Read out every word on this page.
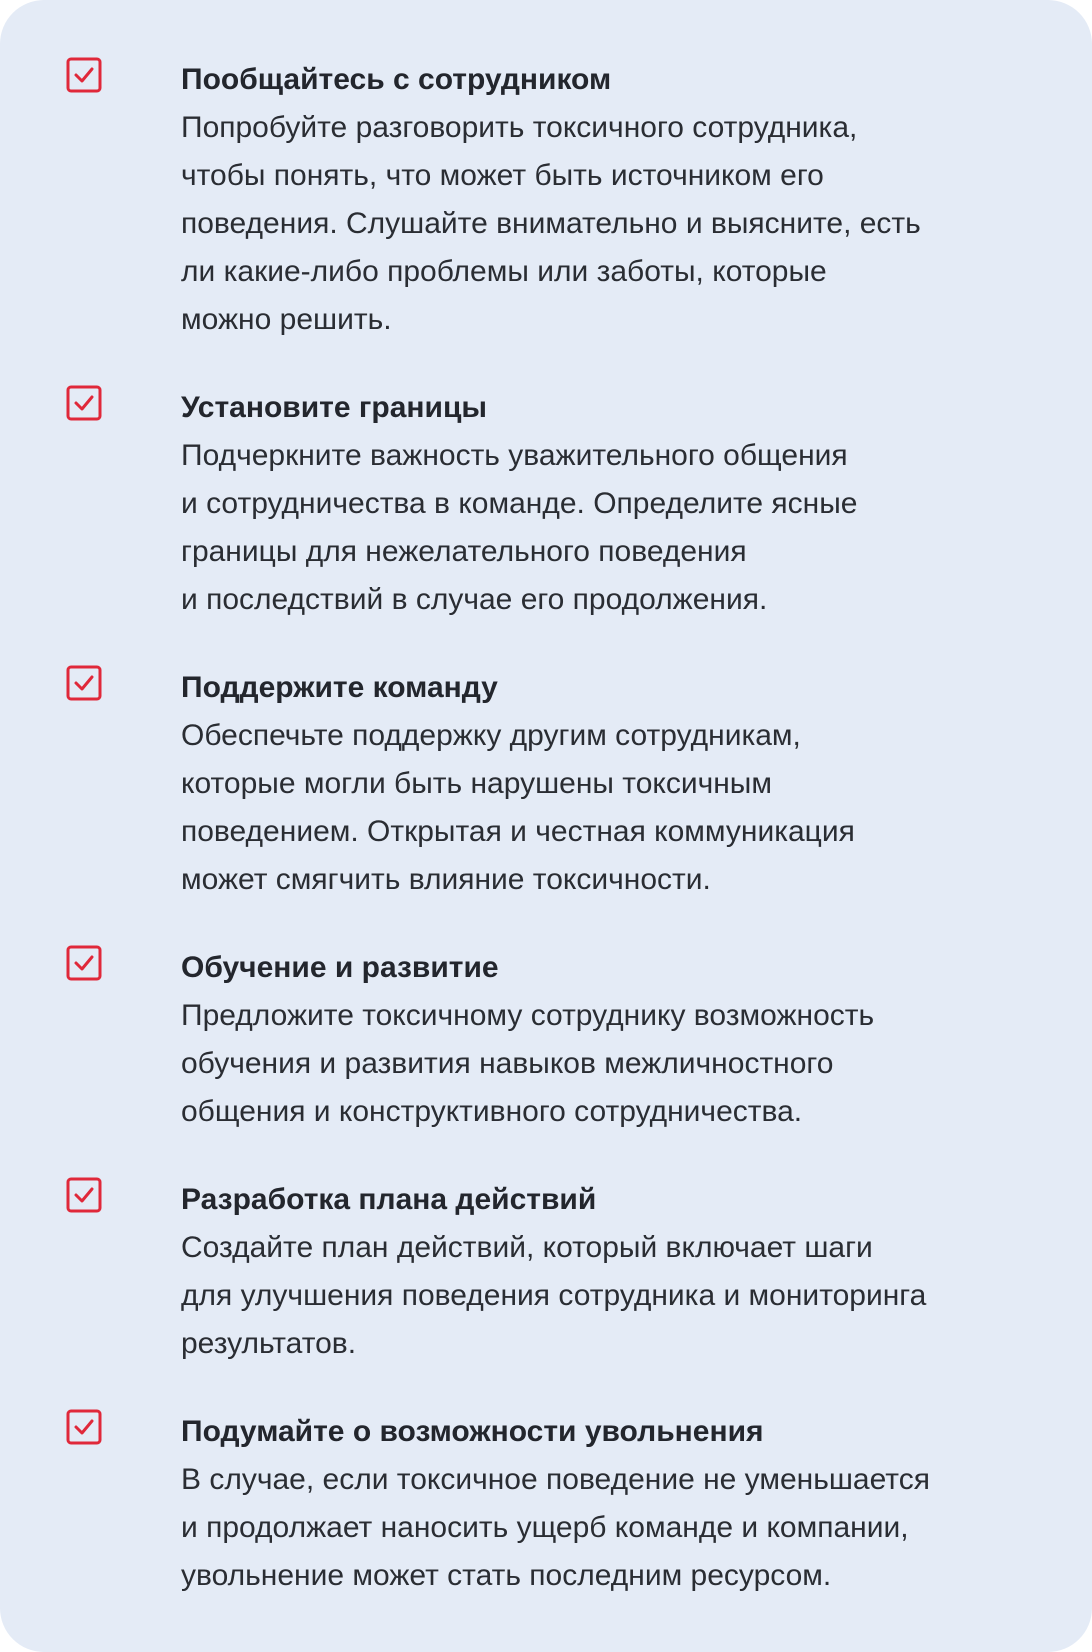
Пообщайтесь с сотрудником
Попробуйте разговорить токсичного сотрудника,
чтобы понять, что может быть источником его
поведения. Слушайте внимательно и выясните, есть
ли какие-либо проблемы или заботы, которые
можно решить.
Установите границы
Подчеркните важность уважительного общения
и сотрудничества в команде. Определите ясные
границы для нежелательного поведения
и последствий в случае его продолжения.
Поддержите команду
Обеспечьте поддержку другим сотрудникам,
которые могли быть нарушены токсичным
поведением. Открытая и честная коммуникация
может смягчить влияние токсичности.
Обучение и развитие
Предложите токсичному сотруднику возможность
обучения и развития навыков межличностного
общения и конструктивного сотрудничества.
Разработка плана действий
Создайте план действий, который включает шаги
для улучшения поведения сотрудника и мониторинга
результатов.
Подумайте о возможности увольнения
В случае, если токсичное поведение не уменьшается
и продолжает наносить ущерб команде и компании,
увольнение может стать последним ресурсом.
